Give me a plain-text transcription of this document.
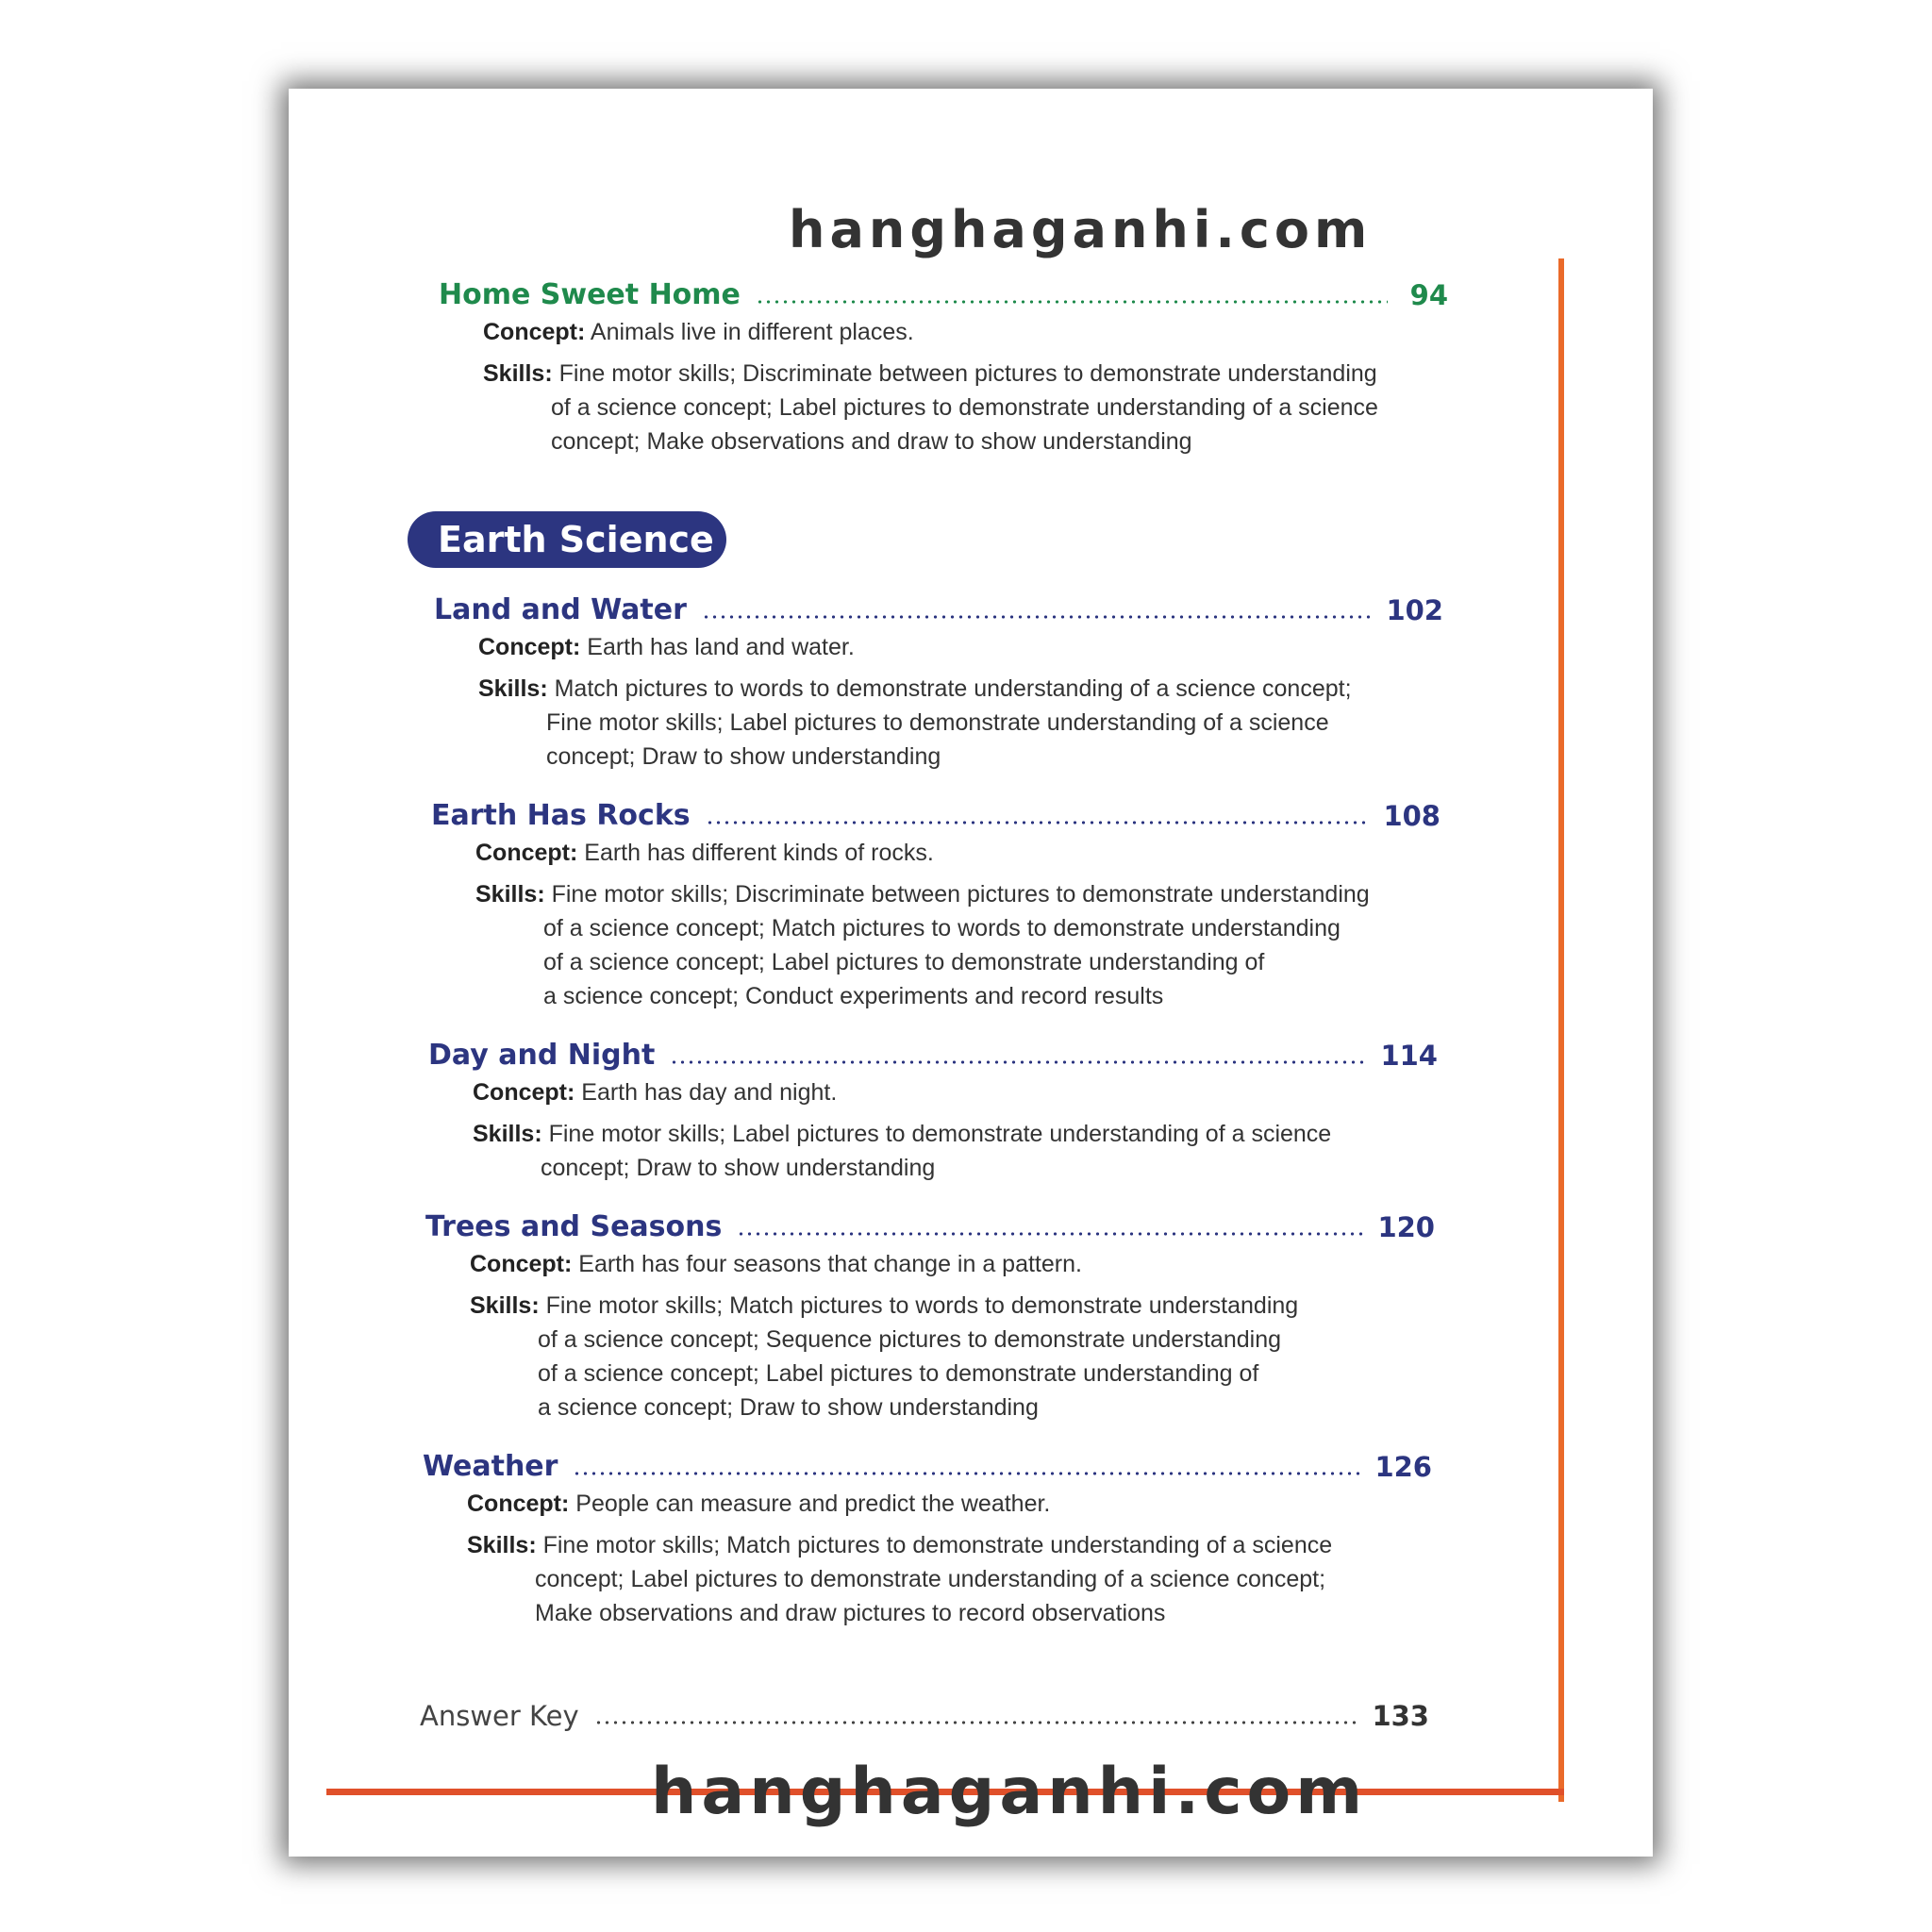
Home Sweet Home	94
Concept: Animals live in different places.
Skills: Fine motor skills; Discriminate between pictures to demonstrate understanding
of a science concept; Label pictures to demonstrate understanding of a science
concept; Make observations and draw to show understanding
Earth Science
Land and Water	102
Concept: Earth has land and water.
Skills: Match pictures to words to demonstrate understanding of a science concept;
Fine motor skills; Label pictures to demonstrate understanding of a science
concept; Draw to show understanding
Earth Has Rocks	108
Concept: Earth has different kinds of rocks.
Skills: Fine motor skills; Discriminate between pictures to demonstrate understanding
of a science concept; Match pictures to words to demonstrate understanding
of a science concept; Label pictures to demonstrate understanding of
a science concept; Conduct experiments and record results
Day and Night	114
Concept: Earth has day and night.
Skills: Fine motor skills; Label pictures to demonstrate understanding of a science
concept; Draw to show understanding
Trees and Seasons	120
Concept: Earth has four seasons that change in a pattern.
Skills: Fine motor skills; Match pictures to words to demonstrate understanding
of a science concept; Sequence pictures to demonstrate understanding
of a science concept; Label pictures to demonstrate understanding of
a science concept; Draw to show understanding
Weather	126
Concept: People can measure and predict the weather.
Skills: Fine motor skills; Match pictures to demonstrate understanding of a science
concept; Label pictures to demonstrate understanding of a science concept;
Make observations and draw pictures to record observations
Answer Key	133
hanghaganhi.com
hanghaganhi.com
